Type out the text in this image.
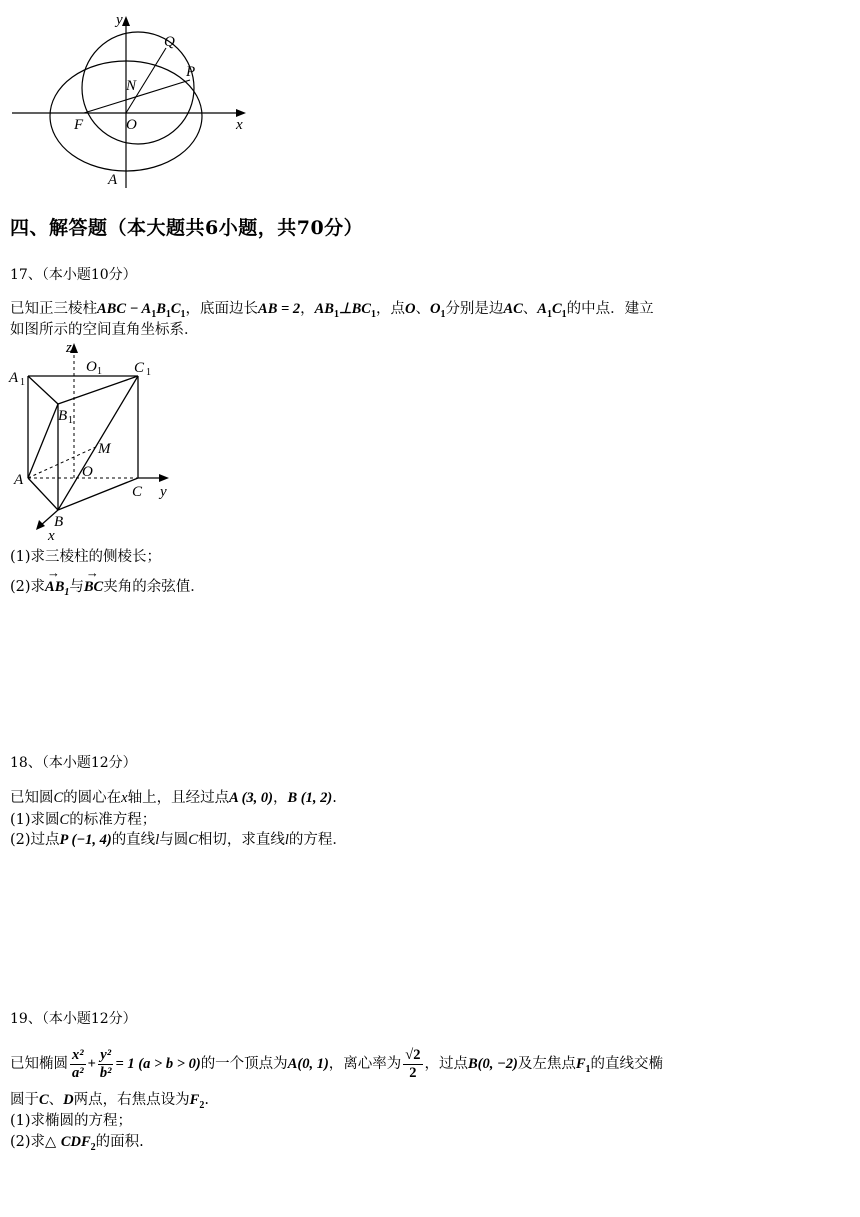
y
Q
P
N
F	O	x
A
四、解答题（本大题共6小题，共70分）
17、（本小题10分）
已知正三棱柱ABC − $A_1B_1C_1$，底面边长AB = 2，$AB_1\perp BC_1$，点O、$O_1$分别是边AC、$A_1C_1$的中点．建立
如图所示的空间直角坐标系．
z
O 1 C 1
A 1
B 1
M
O
A
C y
B
x
(1)求三棱柱的侧棱长；
(2)求→ $AB_1$与→ BC夹角的余弦值．
18、（本小题12分）
已知圆C的圆心在x轴上，且经过点A (3, 0)，B (1, 2).
(1)求圆C的标准方程；
(2)过点P (−1, 4)的直线l与圆C相切，求直线l的方程．
19、（本小题12分）
已知椭圆 $\frac{\text{x²}}{\text{a²}} + \frac{\text{y²}}{\text{b²}} = 1$ (a > b > 0)的一个顶点为A(0, 1)，离心率为 $\frac{√2}{2}$ ，过点B(0, −2)及左焦点$F_1$的直线交椭
圆于C、D两点，右焦点设为$F_2$.
(1)求椭圆的方程；
(2)求△ $CDF_2$的面积.
